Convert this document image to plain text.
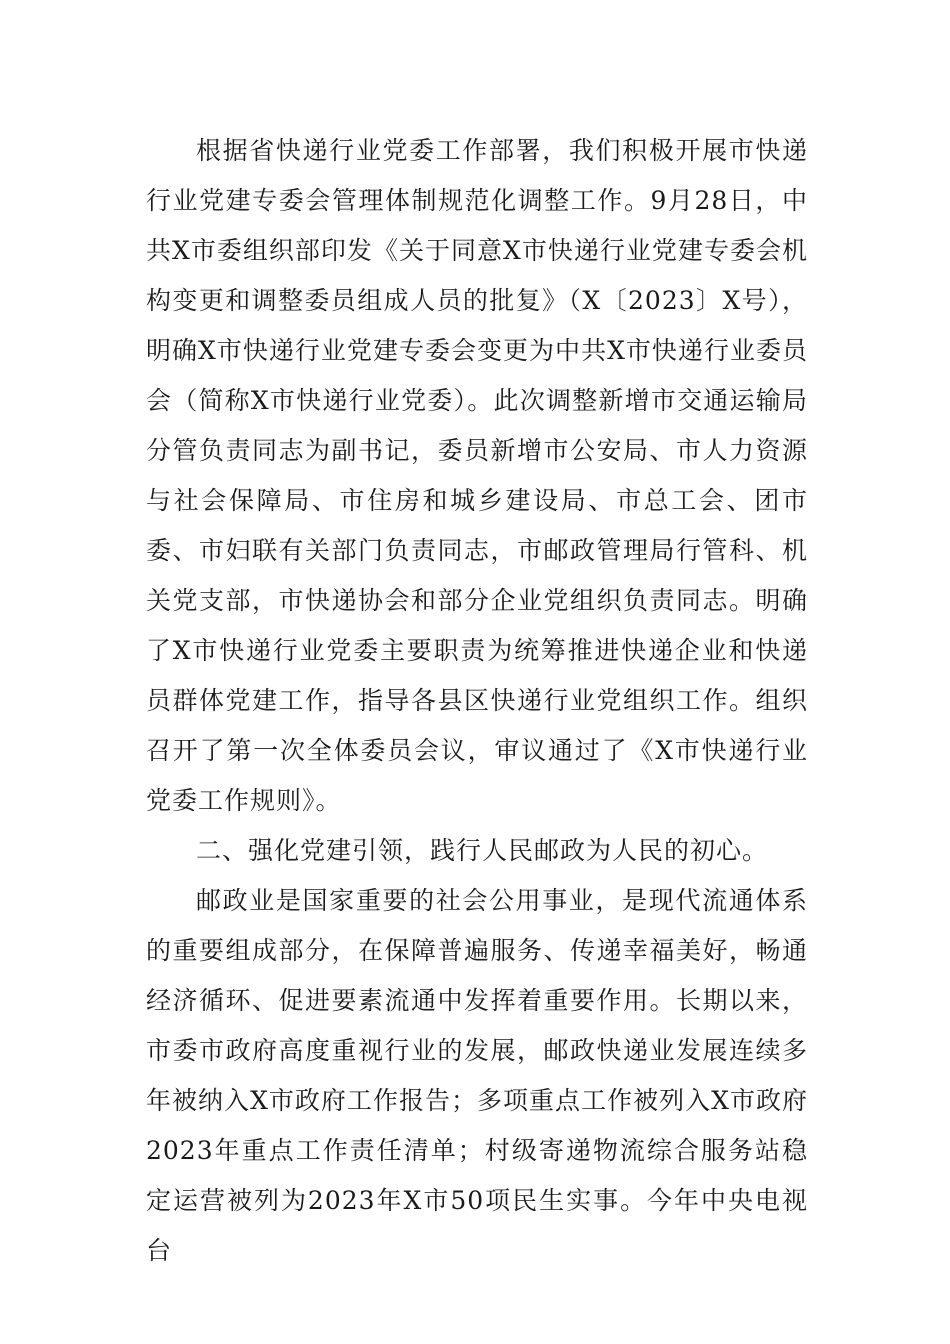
根据省快递行业党委工作部署，我们积极开展市快递行业党建专委会管理体制规范化调整工作。9月28日，中共X市委组织部印发《关于同意X市快递行业党建专委会机构变更和调整委员组成人员的批复》（X〔2023〕X号），明确X市快递行业党建专委会变更为中共X市快递行业委员会（简称X市快递行业党委）。此次调整新增市交通运输局分管负责同志为副书记，委员新增市公安局、市人力资源与社会保障局、市住房和城乡建设局、市总工会、团市委、市妇联有关部门负责同志，市邮政管理局行管科、机关党支部，市快递协会和部分企业党组织负责同志。明确了X市快递行业党委主要职责为统筹推进快递企业和快递员群体党建工作，指导各县区快递行业党组织工作。组织召开了第一次全体委员会议，审议通过了《X市快递行业党委工作规则》。

二、强化党建引领，践行人民邮政为人民的初心。

邮政业是国家重要的社会公用事业，是现代流通体系的重要组成部分，在保障普遍服务、传递幸福美好，畅通经济循环、促进要素流通中发挥着重要作用。长期以来，市委市政府高度重视行业的发展，邮政快递业发展连续多年被纳入X市政府工作报告；多项重点工作被列入X市政府2023年重点工作责任清单；村级寄递物流综合服务站稳定运营被列为2023年X市50项民生实事。今年中央电视台
